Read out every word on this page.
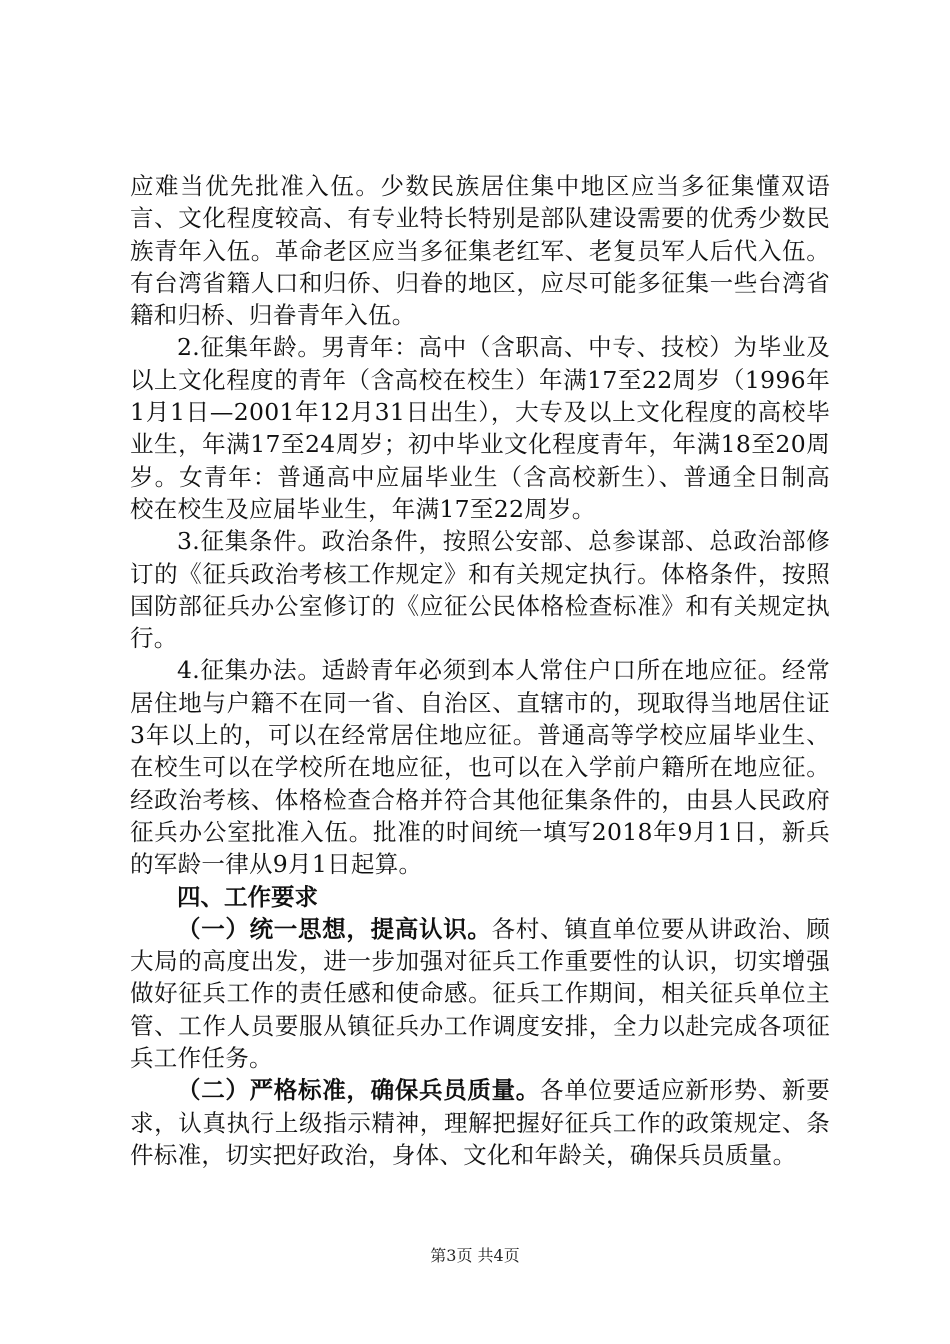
应难当优先批准入伍。少数民族居住集中地区应当多征集懂双语言、文化程度较高、有专业特长特别是部队建设需要的优秀少数民族青年入伍。革命老区应当多征集老红军、老复员军人后代入伍。有台湾省籍人口和归侨、归眷的地区，应尽可能多征集一些台湾省籍和归桥、归眷青年入伍。

2.征集年龄。男青年：高中（含职高、中专、技校）为毕业及以上文化程度的青年（含高校在校生）年满17至22周岁（1996年1月1日—2001年12月31日出生），大专及以上文化程度的高校毕业生，年满17至24周岁；初中毕业文化程度青年，年满18至20周岁。女青年：普通高中应届毕业生（含高校新生）、普通全日制高校在校生及应届毕业生，年满17至22周岁。

3.征集条件。政治条件，按照公安部、总参谋部、总政治部修订的《征兵政治考核工作规定》和有关规定执行。体格条件，按照国防部征兵办公室修订的《应征公民体格检查标准》和有关规定执行。

4.征集办法。适龄青年必须到本人常住户口所在地应征。经常居住地与户籍不在同一省、自治区、直辖市的，现取得当地居住证3年以上的，可以在经常居住地应征。普通高等学校应届毕业生、在校生可以在学校所在地应征，也可以在入学前户籍所在地应征。经政治考核、体格检查合格并符合其他征集条件的，由县人民政府征兵办公室批准入伍。批准的时间统一填写2018年9月1日，新兵的军龄一律从9月1日起算。

四、工作要求

（一）统一思想，提高认识。各村、镇直单位要从讲政治、顾大局的高度出发，进一步加强对征兵工作重要性的认识，切实增强做好征兵工作的责任感和使命感。征兵工作期间，相关征兵单位主管、工作人员要服从镇征兵办工作调度安排，全力以赴完成各项征兵工作任务。

（二）严格标准，确保兵员质量。各单位要适应新形势、新要求，认真执行上级指示精神，理解把握好征兵工作的政策规定、条件标准，切实把好政治，身体、文化和年龄关，确保兵员质量。

第3页 共4页
